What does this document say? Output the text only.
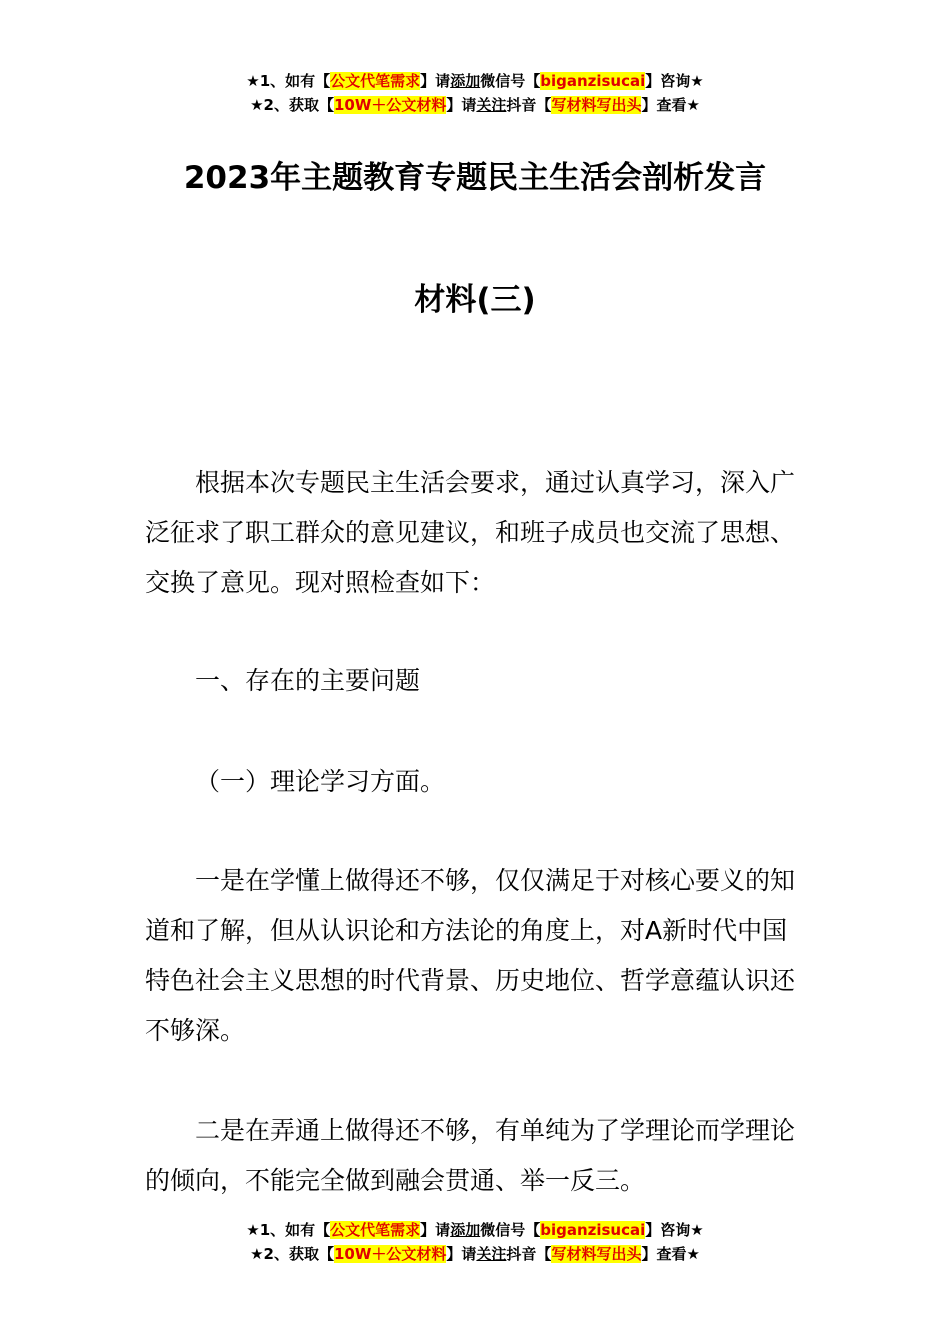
★1、如有【公文代笔需求】请添加微信号【biganzisucai】咨询★
★2、获取【10W＋公文材料】请关注抖音【写材料写出头】查看★
2023年主题教育专题民主生活会剖析发言
材料(三)

根据本次专题民主生活会要求，通过认真学习，深入广泛征求了职工群众的意见建议，和班子成员也交流了思想、交换了意见。现对照检查如下：

一、存在的主要问题

（一）理论学习方面。

一是在学懂上做得还不够，仅仅满足于对核心要义的知道和了解，但从认识论和方法论的角度上，对A新时代中国特色社会主义思想的时代背景、历史地位、哲学意蕴认识还不够深。

二是在弄通上做得还不够，有单纯为了学理论而学理论的倾向，不能完全做到融会贯通、举一反三。

★1、如有【公文代笔需求】请添加微信号【biganzisucai】咨询★
★2、获取【10W＋公文材料】请关注抖音【写材料写出头】查看★
